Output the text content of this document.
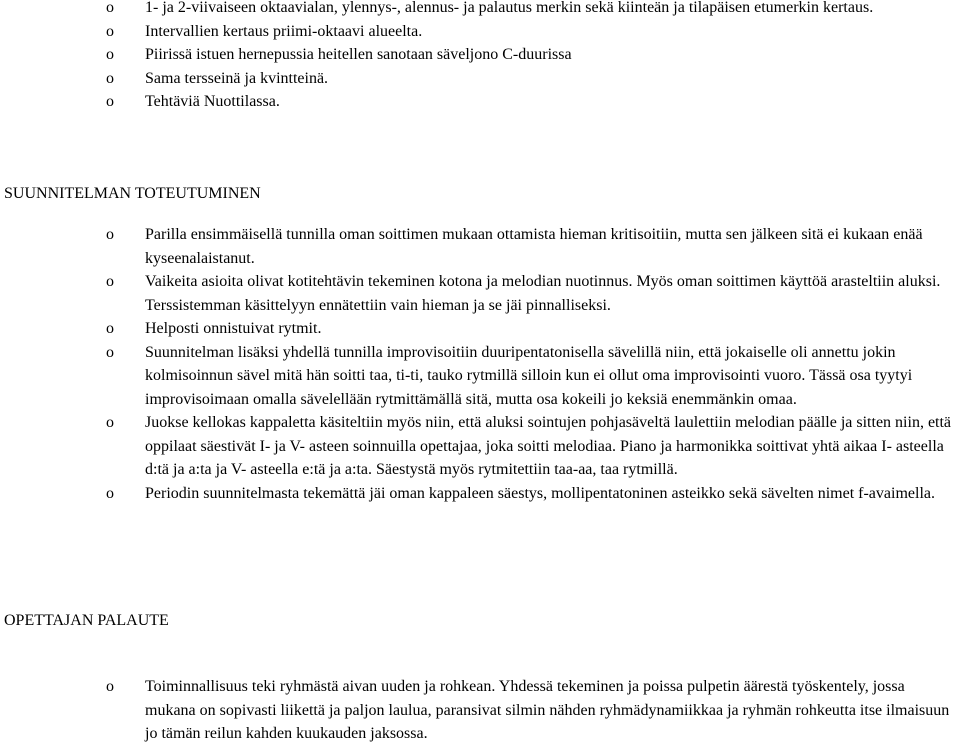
o 1- ja 2-viivaiseen oktaavialan, ylennys-, alennus- ja palautus merkin sekä kiinteän ja tilapäisen etumerkin kertaus.
o Intervallien kertaus priimi-oktaavi alueelta.
o Piirissä istuen hernepussia heitellen sanotaan säveljono C-duurissa
o Sama tersseinä ja kvintteinä.
o Tehtäviä Nuottilassa.
SUUNNITELMAN TOTEUTUMINEN
o Parilla ensimmäisellä tunnilla oman soittimen mukaan ottamista hieman kritisoitiin, mutta sen jälkeen sitä ei kukaan enää kyseenalaistanut.
o Vaikeita asioita olivat kotitehtävin tekeminen kotona ja melodian nuotinnus. Myös oman soittimen käyttöä arasteltiin aluksi. Terssistemman käsittelyyn ennätettiin vain hieman ja se jäi pinnalliseksi.
o Helposti onnistuivat rytmit.
o Suunnitelman lisäksi yhdellä tunnilla improvisoitiin duuripentatonisella sävelillä niin, että jokaiselle oli annettu jokin kolmisoinnun sävel mitä hän soitti taa, ti-ti, tauko rytmillä silloin kun ei ollut oma improvisointi vuoro. Tässä osa tyytyi improvisoimaan omalla sävelellään rytmittämällä sitä, mutta osa kokeili jo keksiä enemmänkin omaa.
o Juokse kellokas kappaletta käsiteltiin myös niin, että aluksi sointujen pohjasäveltä laulettiin melodian päälle ja sitten niin, että oppilaat säestivät I- ja V- asteen soinnuilla opettajaa, joka soitti melodiaa. Piano ja harmonikka soittivat yhtä aikaa I- asteella d:tä ja a:ta ja V- asteella e:tä ja a:ta. Säestystä myös rytmitettiin taa-aa, taa rytmillä.
o Periodin suunnitelmasta tekemättä jäi oman kappaleen säestys, mollipentatoninen asteikko sekä sävelten nimet f-avaimella.
OPETTAJAN PALAUTE
o Toiminnallisuus teki ryhmästä aivan uuden ja rohkean. Yhdessä tekeminen ja poissa pulpetin äärestä työskentely, jossa mukana on sopivasti liikettä ja paljon laulua, paransivat silmin nähden ryhmädynamiikkaa ja ryhmän rohkeutta itse ilmaisuun jo tämän reilun kahden kuukauden jaksossa.
